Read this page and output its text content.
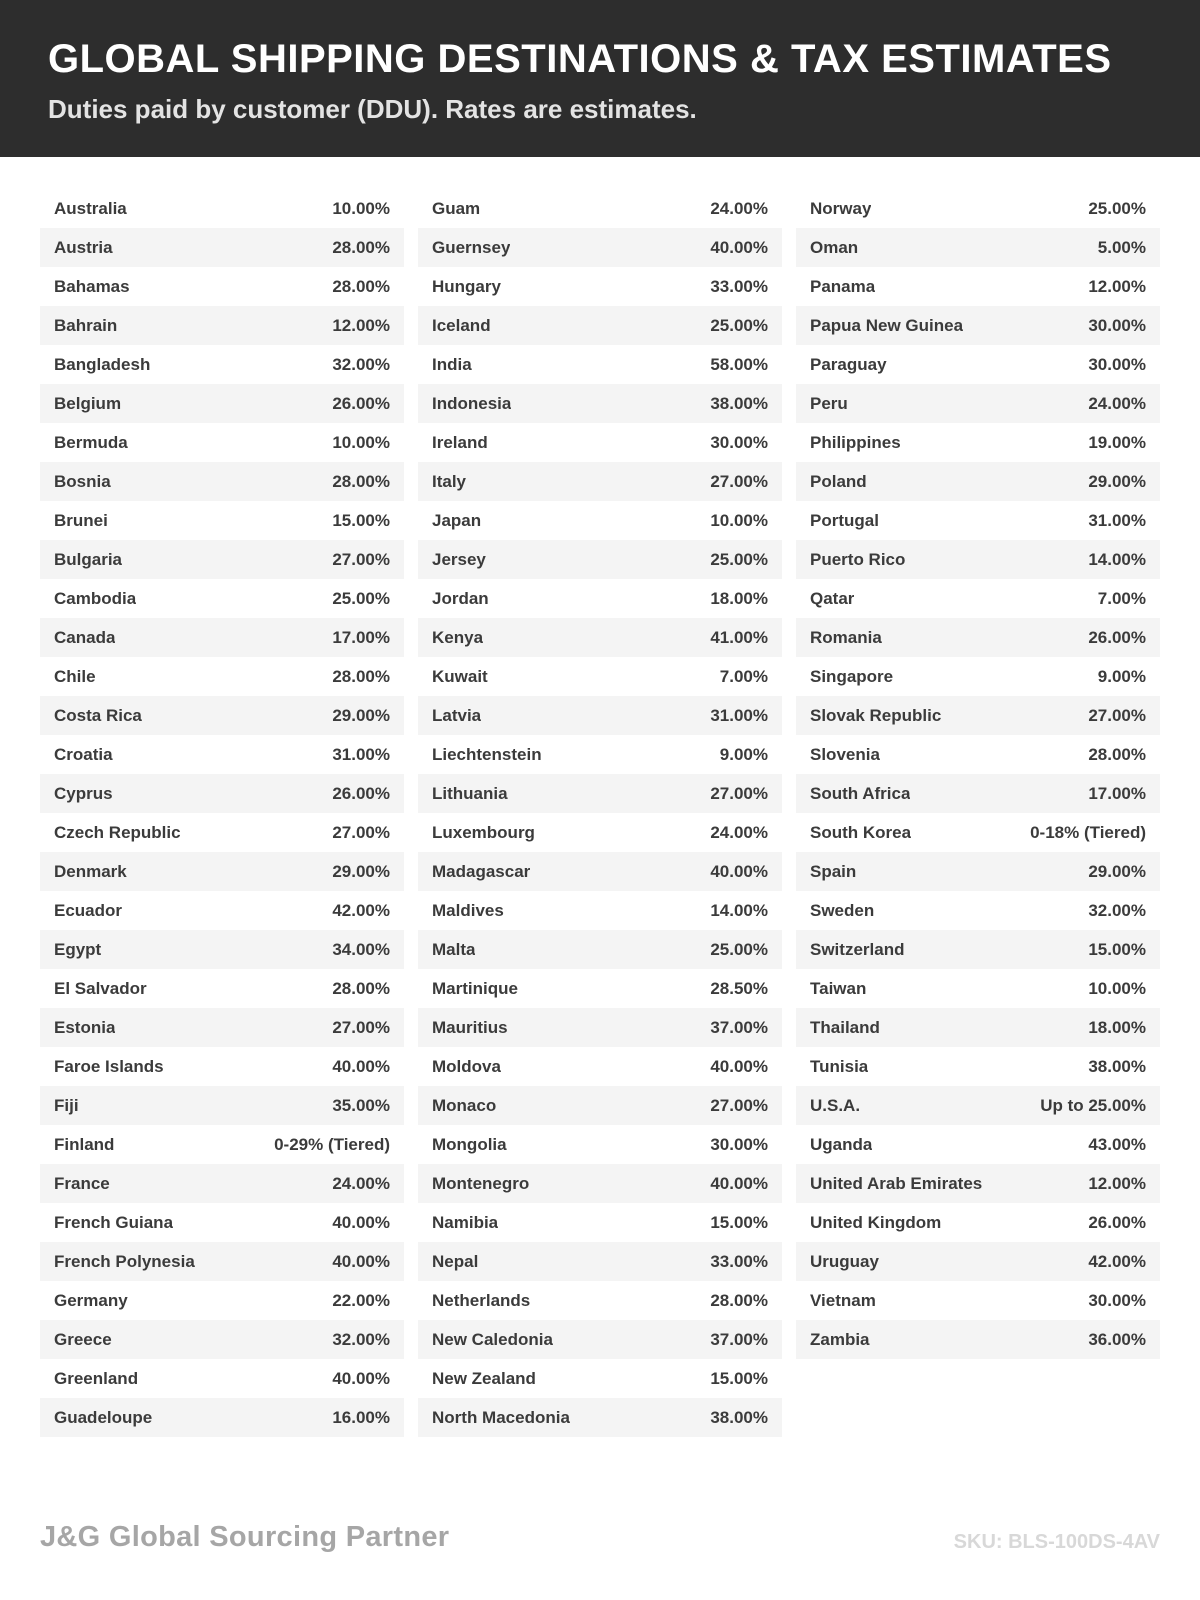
GLOBAL SHIPPING DESTINATIONS & TAX ESTIMATES

Duties paid by customer (DDU). Rates are estimates.

Australia	10.00%
Austria	28.00%
Bahamas	28.00%
Bahrain	12.00%
Bangladesh	32.00%
Belgium	26.00%
Bermuda	10.00%
Bosnia	28.00%
Brunei	15.00%
Bulgaria	27.00%
Cambodia	25.00%
Canada	17.00%
Chile	28.00%
Costa Rica	29.00%
Croatia	31.00%
Cyprus	26.00%
Czech Republic	27.00%
Denmark	29.00%
Ecuador	42.00%
Egypt	34.00%
El Salvador	28.00%
Estonia	27.00%
Faroe Islands	40.00%
Fiji	35.00%
Finland	0-29% (Tiered)
France	24.00%
French Guiana	40.00%
French Polynesia	40.00%
Germany	22.00%
Greece	32.00%
Greenland	40.00%
Guadeloupe	16.00%
Guam	24.00%
Guernsey	40.00%
Hungary	33.00%
Iceland	25.00%
India	58.00%
Indonesia	38.00%
Ireland	30.00%
Italy	27.00%
Japan	10.00%
Jersey	25.00%
Jordan	18.00%
Kenya	41.00%
Kuwait	7.00%
Latvia	31.00%
Liechtenstein	9.00%
Lithuania	27.00%
Luxembourg	24.00%
Madagascar	40.00%
Maldives	14.00%
Malta	25.00%
Martinique	28.50%
Mauritius	37.00%
Moldova	40.00%
Monaco	27.00%
Mongolia	30.00%
Montenegro	40.00%
Namibia	15.00%
Nepal	33.00%
Netherlands	28.00%
New Caledonia	37.00%
New Zealand	15.00%
North Macedonia	38.00%
Norway	25.00%
Oman	5.00%
Panama	12.00%
Papua New Guinea	30.00%
Paraguay	30.00%
Peru	24.00%
Philippines	19.00%
Poland	29.00%
Portugal	31.00%
Puerto Rico	14.00%
Qatar	7.00%
Romania	26.00%
Singapore	9.00%
Slovak Republic	27.00%
Slovenia	28.00%
South Africa	17.00%
South Korea	0-18% (Tiered)
Spain	29.00%
Sweden	32.00%
Switzerland	15.00%
Taiwan	10.00%
Thailand	18.00%
Tunisia	38.00%
U.S.A.	Up to 25.00%
Uganda	43.00%
United Arab Emirates	12.00%
United Kingdom	26.00%
Uruguay	42.00%
Vietnam	30.00%
Zambia	36.00%
J&G Global Sourcing Partner	SKU: BLS-100DS-4AV
